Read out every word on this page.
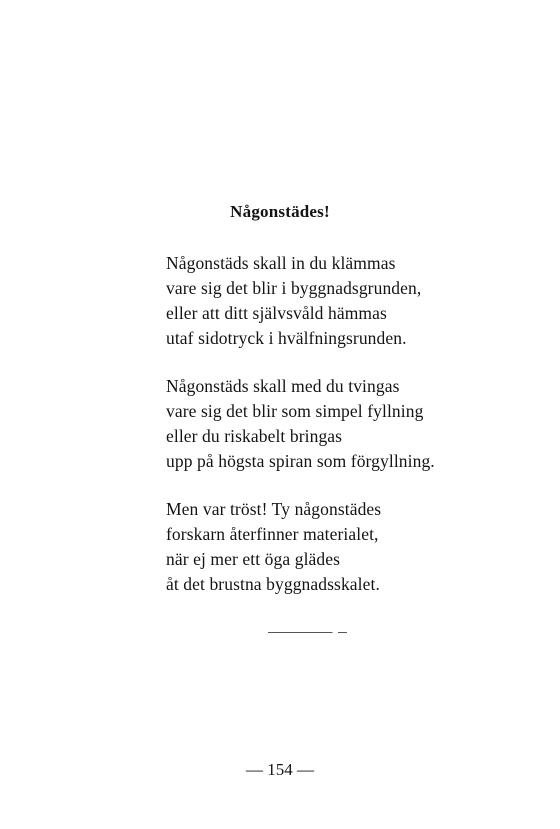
Någonstädes!
Någonstäds skall in du klämmas
vare sig det blir i byggnadsgrunden,
eller att ditt självsvåld hämmas
utaf sidotryck i hvälfningsrunden.
Någonstäds skall med du tvingas
vare sig det blir som simpel fyllning
eller du riskabelt bringas
upp på högsta spiran som förgyllning.
Men var tröst! Ty någonstädes
forskarn återfinner materialet,
när ej mer ett öga glädes
åt det brustna byggnadsskalet.
— 154 —
